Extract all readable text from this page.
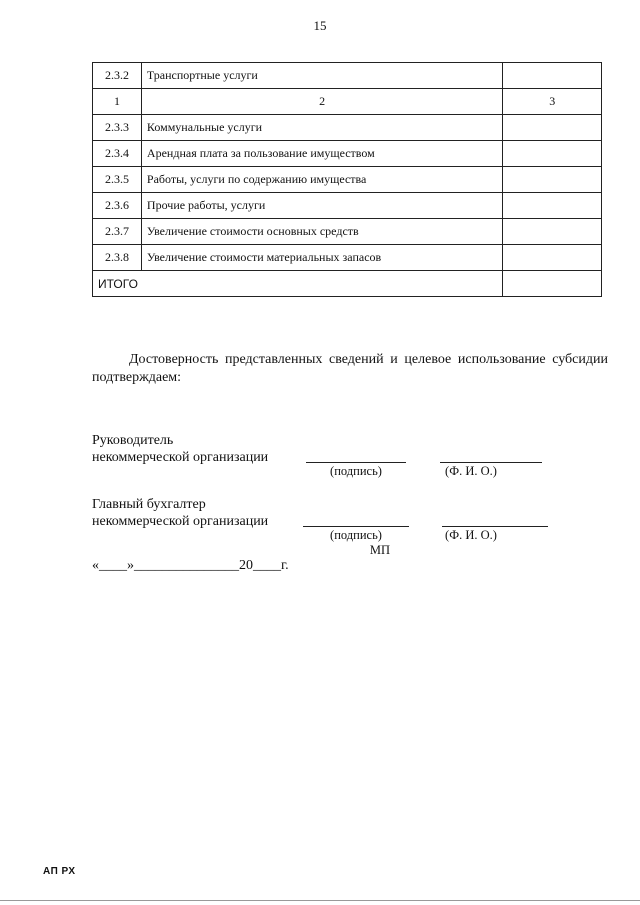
15
2.3.2	Транспортные услуги	
1	2	3
2.3.3	Коммунальные услуги	
2.3.4	Арендная плата за пользование имуществом	
2.3.5	Работы, услуги по содержанию имущества	
2.3.6	Прочие работы, услуги	
2.3.7	Увеличение стоимости основных средств	
2.3.8	Увеличение стоимости материальных запасов	
ИТОГО		
Достоверность представленных сведений и целевое использование субсидии подтверждаем:
Руководитель
некоммерческой организации
(подпись)	(Ф. И. О.)
Главный бухгалтер
некоммерческой организации
(подпись)	(Ф. И. О.)
МП
«____»_______________20____г.
АП РХ
